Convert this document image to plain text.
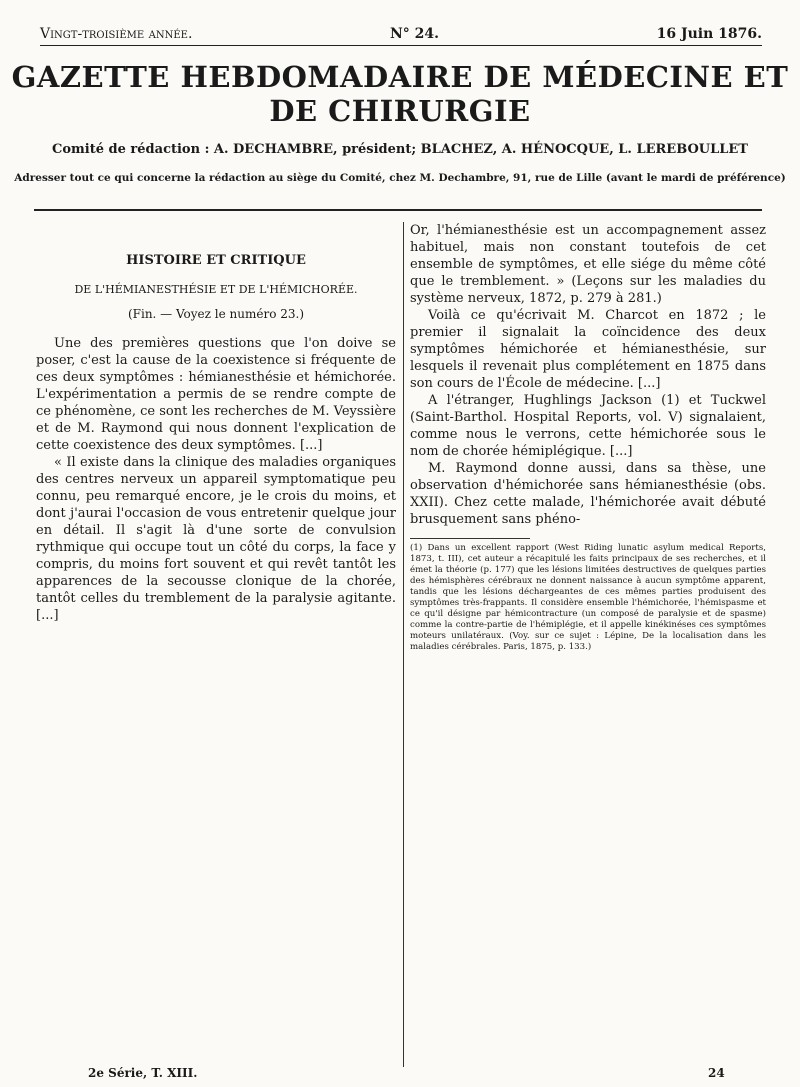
Vingt-troisième année.	N° 24.	16 Juin 1876.
GAZETTE HEBDOMADAIRE DE MÉDECINE ET DE CHIRURGIE
Comité de rédaction : A. DECHAMBRE, président; BLACHEZ, A. HÉNOCQUE, L. LEREBOULLET
Adresser tout ce qui concerne la rédaction au siège du Comité, chez M. Dechambre, 91, rue de Lille (avant le mardi de préférence)
HISTOIRE ET CRITIQUE
DE L'HÉMIANESTHÉSIE ET DE L'HÉMICHORÉE.
(Fin. — Voyez le numéro 23.)

Une des premières questions que l'on doive se poser, c'est la cause de la coexistence si fréquente de ces deux symptômes : hémianesthésie et hémichorée. L'expérimentation a permis de se rendre compte de ce phénomène, ce sont les recherches de M. Veyssière et de M. Raymond qui nous donnent l'explication de cette coexistence des deux symptômes. [...]

« Il existe dans la clinique des maladies organiques des centres nerveux un appareil symptomatique peu connu, peu remarqué encore, je le crois du moins, et dont j'aurai l'occasion de vous entretenir quelque jour en détail. Il s'agit là d'une sorte de convulsion rythmique qui occupe tout un côté du corps, la face y compris, du moins fort souvent et qui revêt tantôt les apparences de la secousse clonique de la chorée, tantôt celles du tremblement de la paralysie agitante. [...]

Or, l'hémianesthésie est un accompagnement assez habituel, mais non constant toutefois de cet ensemble de symptômes, et elle siége du même côté que le tremblement. » (Leçons sur les maladies du système nerveux, 1872, p. 279 à 281.)

Voilà ce qu'écrivait M. Charcot en 1872 ; le premier il signalait la coïncidence des deux symptômes hémichorée et hémianesthésie, sur lesquels il revenait plus complétement en 1875 dans son cours de l'École de médecine. [...]

A l'étranger, Hughlings Jackson (1) et Tuckwel (Saint-Barthol. Hospital Reports, vol. V) signalaient, comme nous le verrons, cette hémichorée sous le nom de chorée hémiplégique. [...]

M. Raymond donne aussi, dans sa thèse, une observation d'hémichorée sans hémianesthésie (obs. XXII). Chez cette malade, l'hémichorée avait débuté brusquement sans phéno-

(1) Dans un excellent rapport (West Riding lunatic asylum medical Reports, 1873, t. III), cet auteur a récapitulé les faits principaux de ses recherches, et il émet la théorie (p. 177) que les lésions limitées destructives de quelques parties des hémisphères cérébraux ne donnent naissance à aucun symptôme apparent, tandis que les lésions déchargeantes de ces mêmes parties produisent des symptômes très-frappants. Il considère ensemble l'hémichorée, l'hémispasme et ce qu'il désigne par hémicontracture (un composé de paralysie et de spasme) comme la contre-partie de l'hémiplégie, et il appelle kinékinéses ces symptômes moteurs unilatéraux. (Voy. sur ce sujet : Lépine, De la localisation dans les maladies cérébrales. Paris, 1875, p. 133.)
2e Série, T. XIII.	24
